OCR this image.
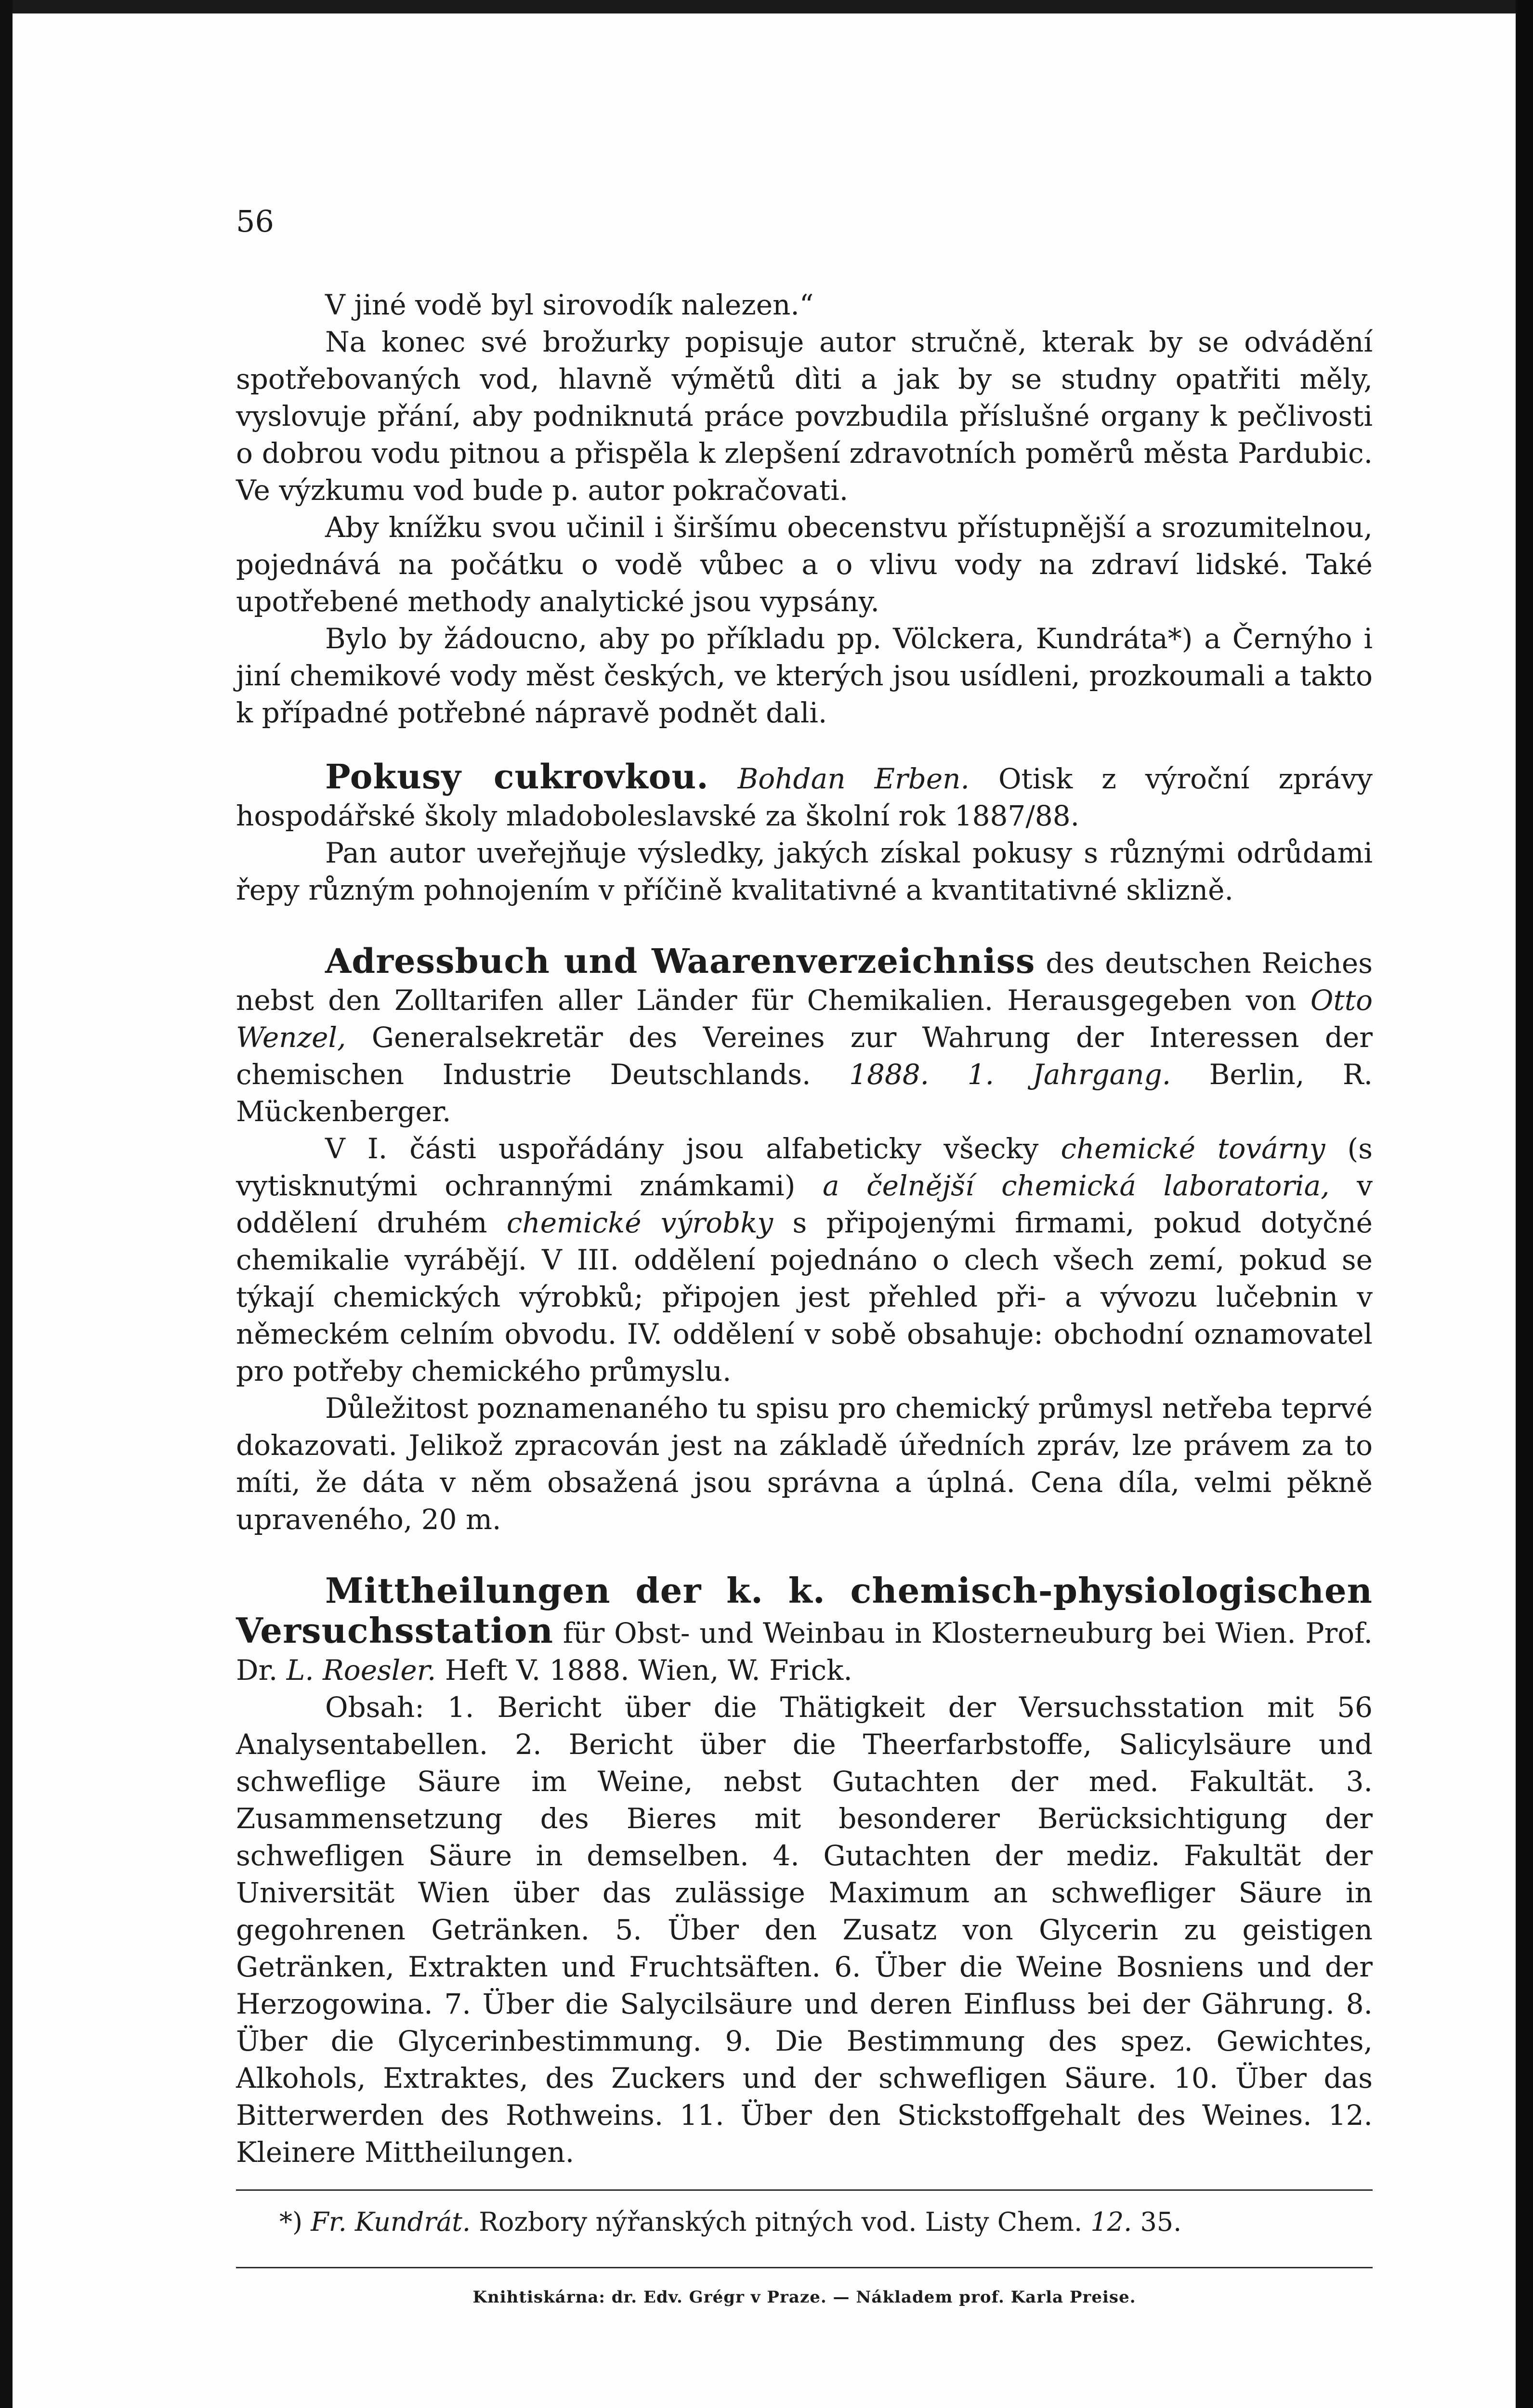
56

V jiné vodě byl sirovodík nalezen.“

Na konec své brožurky popisuje autor stručně, kterak by se odvádění spotřebovaných vod, hlavně výmětů dìti a jak by se studny opatřiti měly, vyslovuje přání, aby podniknutá práce povzbudila příslušné organy k pečlivosti o dobrou vodu pitnou a přispěla k zlepšení zdravotních poměrů města Pardubic. Ve výzkumu vod bude p. autor pokračovati.

Aby knížku svou učinil i širšímu obecenstvu přístupnější a srozumitelnou, pojednává na počátku o vodě vůbec a o vlivu vody na zdraví lidské. Také upotřebené methody analytické jsou vypsány.

Bylo by žádoucno, aby po příkladu pp. Völckera, Kundráta*) a Černýho i jiní chemikové vody měst českých, ve kterých jsou usídleni, prozkoumali a takto k případné potřebné nápravě podnět dali.

Pokusy cukrovkou. Bohdan Erben. Otisk z výroční zprávy hospodářské školy mladoboleslavské za školní rok 1887/88.

Pan autor uveřejňuje výsledky, jakých získal pokusy s různými odrůdami řepy různým pohnojením v příčině kvalitativné a kvantitativné sklizně.

Adressbuch und Waarenverzeichniss des deutschen Reiches nebst den Zolltarifen aller Länder für Chemikalien. Herausgegeben von Otto Wenzel, Generalsekretär des Vereines zur Wahrung der Interessen der chemischen Industrie Deutschlands. 1888. 1. Jahrgang. Berlin, R. Mückenberger.

V I. části uspořádány jsou alfabeticky všecky chemické továrny (s vytisknutými ochrannými známkami) a čelnější chemická laboratoria, v oddělení druhém chemické výrobky s připojenými firmami, pokud dotyčné chemikalie vyrábějí. V III. oddělení pojednáno o clech všech zemí, pokud se týkají chemických výrobků; připojen jest přehled při- a vývozu lučebnin v německém celním obvodu. IV. oddělení v sobě obsahuje: obchodní oznamovatel pro potřeby chemického průmyslu.

Důležitost poznamenaného tu spisu pro chemický průmysl netřeba teprvé dokazovati. Jelikož zpracován jest na základě úředních zpráv, lze právem za to míti, že dáta v něm obsažená jsou správna a úplná. Cena díla, velmi pěkně upraveného, 20 m.

Mittheilungen der k. k. chemisch-physiologischen Versuchsstation für Obst- und Weinbau in Klosterneuburg bei Wien. Prof. Dr. L. Roesler. Heft V. 1888. Wien, W. Frick.

Obsah: 1. Bericht über die Thätigkeit der Versuchsstation mit 56 Analysentabellen. 2. Bericht über die Theerfarbstoffe, Salicylsäure und schweflige Säure im Weine, nebst Gutachten der med. Fakultät. 3. Zusammensetzung des Bieres mit besonderer Berücksichtigung der schwefligen Säure in demselben. 4. Gutachten der mediz. Fakultät der Universität Wien über das zulässige Maximum an schwefliger Säure in gegohrenen Getränken. 5. Über den Zusatz von Glycerin zu geistigen Getränken, Extrakten und Fruchtsäften. 6. Über die Weine Bosniens und der Herzogowina. 7. Über die Salycilsäure und deren Einfluss bei der Gährung. 8. Über die Glycerinbestimmung. 9. Die Bestimmung des spez. Gewichtes, Alkohols, Extraktes, des Zuckers und der schwefligen Säure. 10. Über das Bitterwerden des Rothweins. 11. Über den Stickstoffgehalt des Weines. 12. Kleinere Mittheilungen.

*) Fr. Kundrát. Rozbory nýřanských pitných vod. Listy Chem. 12. 35.

Knihtiskárna: dr. Edv. Grégr v Praze. — Nákladem prof. Karla Preise.
